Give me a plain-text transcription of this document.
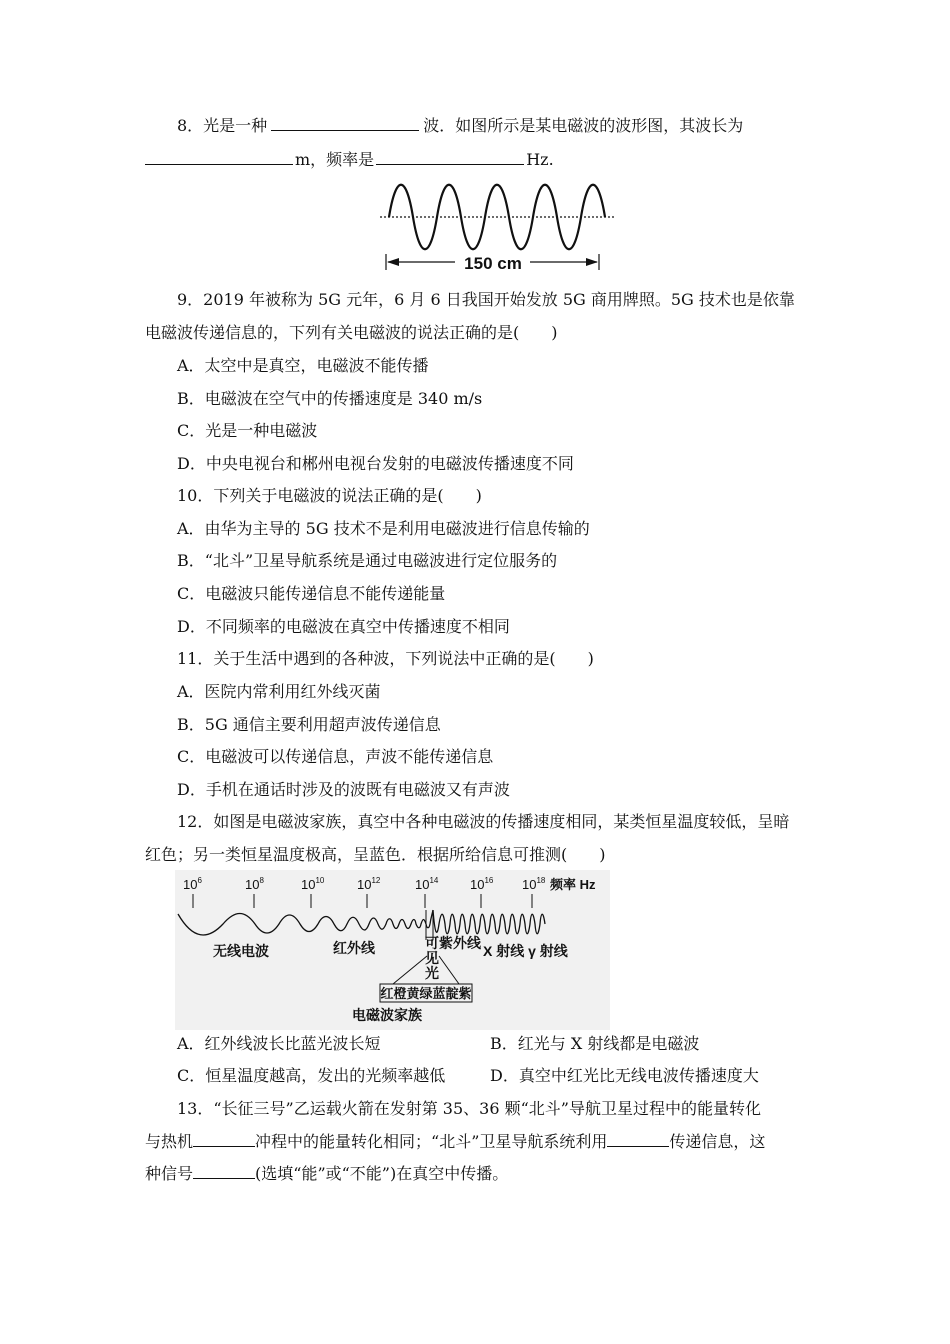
8．光是一种	波．如图所示是某电磁波的波形图，其波长为
m，频率是	Hz.
150 cm
9．2019 年被称为 5G 元年，6 月 6 日我国开始发放 5G 商用牌照。5G 技术也是依靠
电磁波传递信息的，下列有关电磁波的说法正确的是(　　)
A．太空中是真空，电磁波不能传播
B．电磁波在空气中的传播速度是 340 m/s
C．光是一种电磁波
D．中央电视台和郴州电视台发射的电磁波传播速度不同
10．下列关于电磁波的说法正确的是(　　)
A．由华为主导的 5G 技术不是利用电磁波进行信息传输的
B．“北斗”卫星导航系统是通过电磁波进行定位服务的
C．电磁波只能传递信息不能传递能量
D．不同频率的电磁波在真空中传播速度不相同
11．关于生活中遇到的各种波，下列说法中正确的是(　　)
A．医院内常利用红外线灭菌
B．5G 通信主要利用超声波传递信息
C．电磁波可以传递信息，声波不能传递信息
D．手机在通话时涉及的波既有电磁波又有声波
12．如图是电磁波家族，真空中各种电磁波的传播速度相同，某类恒星温度较低，呈暗
红色；另一类恒星温度极高，呈蓝色．根据所给信息可推测(　　)
$10^6$	$10^8$	$10^{10}$	$10^{12}$	$10^{14}$ $10^{16}$ $10^{18}$ 频率 Hz
无线电波	红外线	可
见
光
紫外线 X 射线 γ 射线
红橙黄绿蓝靛紫
电磁波家族
A．红外线波长比蓝光波长短	B．红光与 X 射线都是电磁波
C．恒星温度越高，发出的光频率越低	D．真空中红光比无线电波传播速度大
13．“长征三号”乙运载火箭在发射第 35、36 颗“北斗”导航卫星过程中的能量转化
与热机	冲程中的能量转化相同；“北斗”卫星导航系统利用	传递信息，这
种信号	(选填“能”或“不能”)在真空中传播。
